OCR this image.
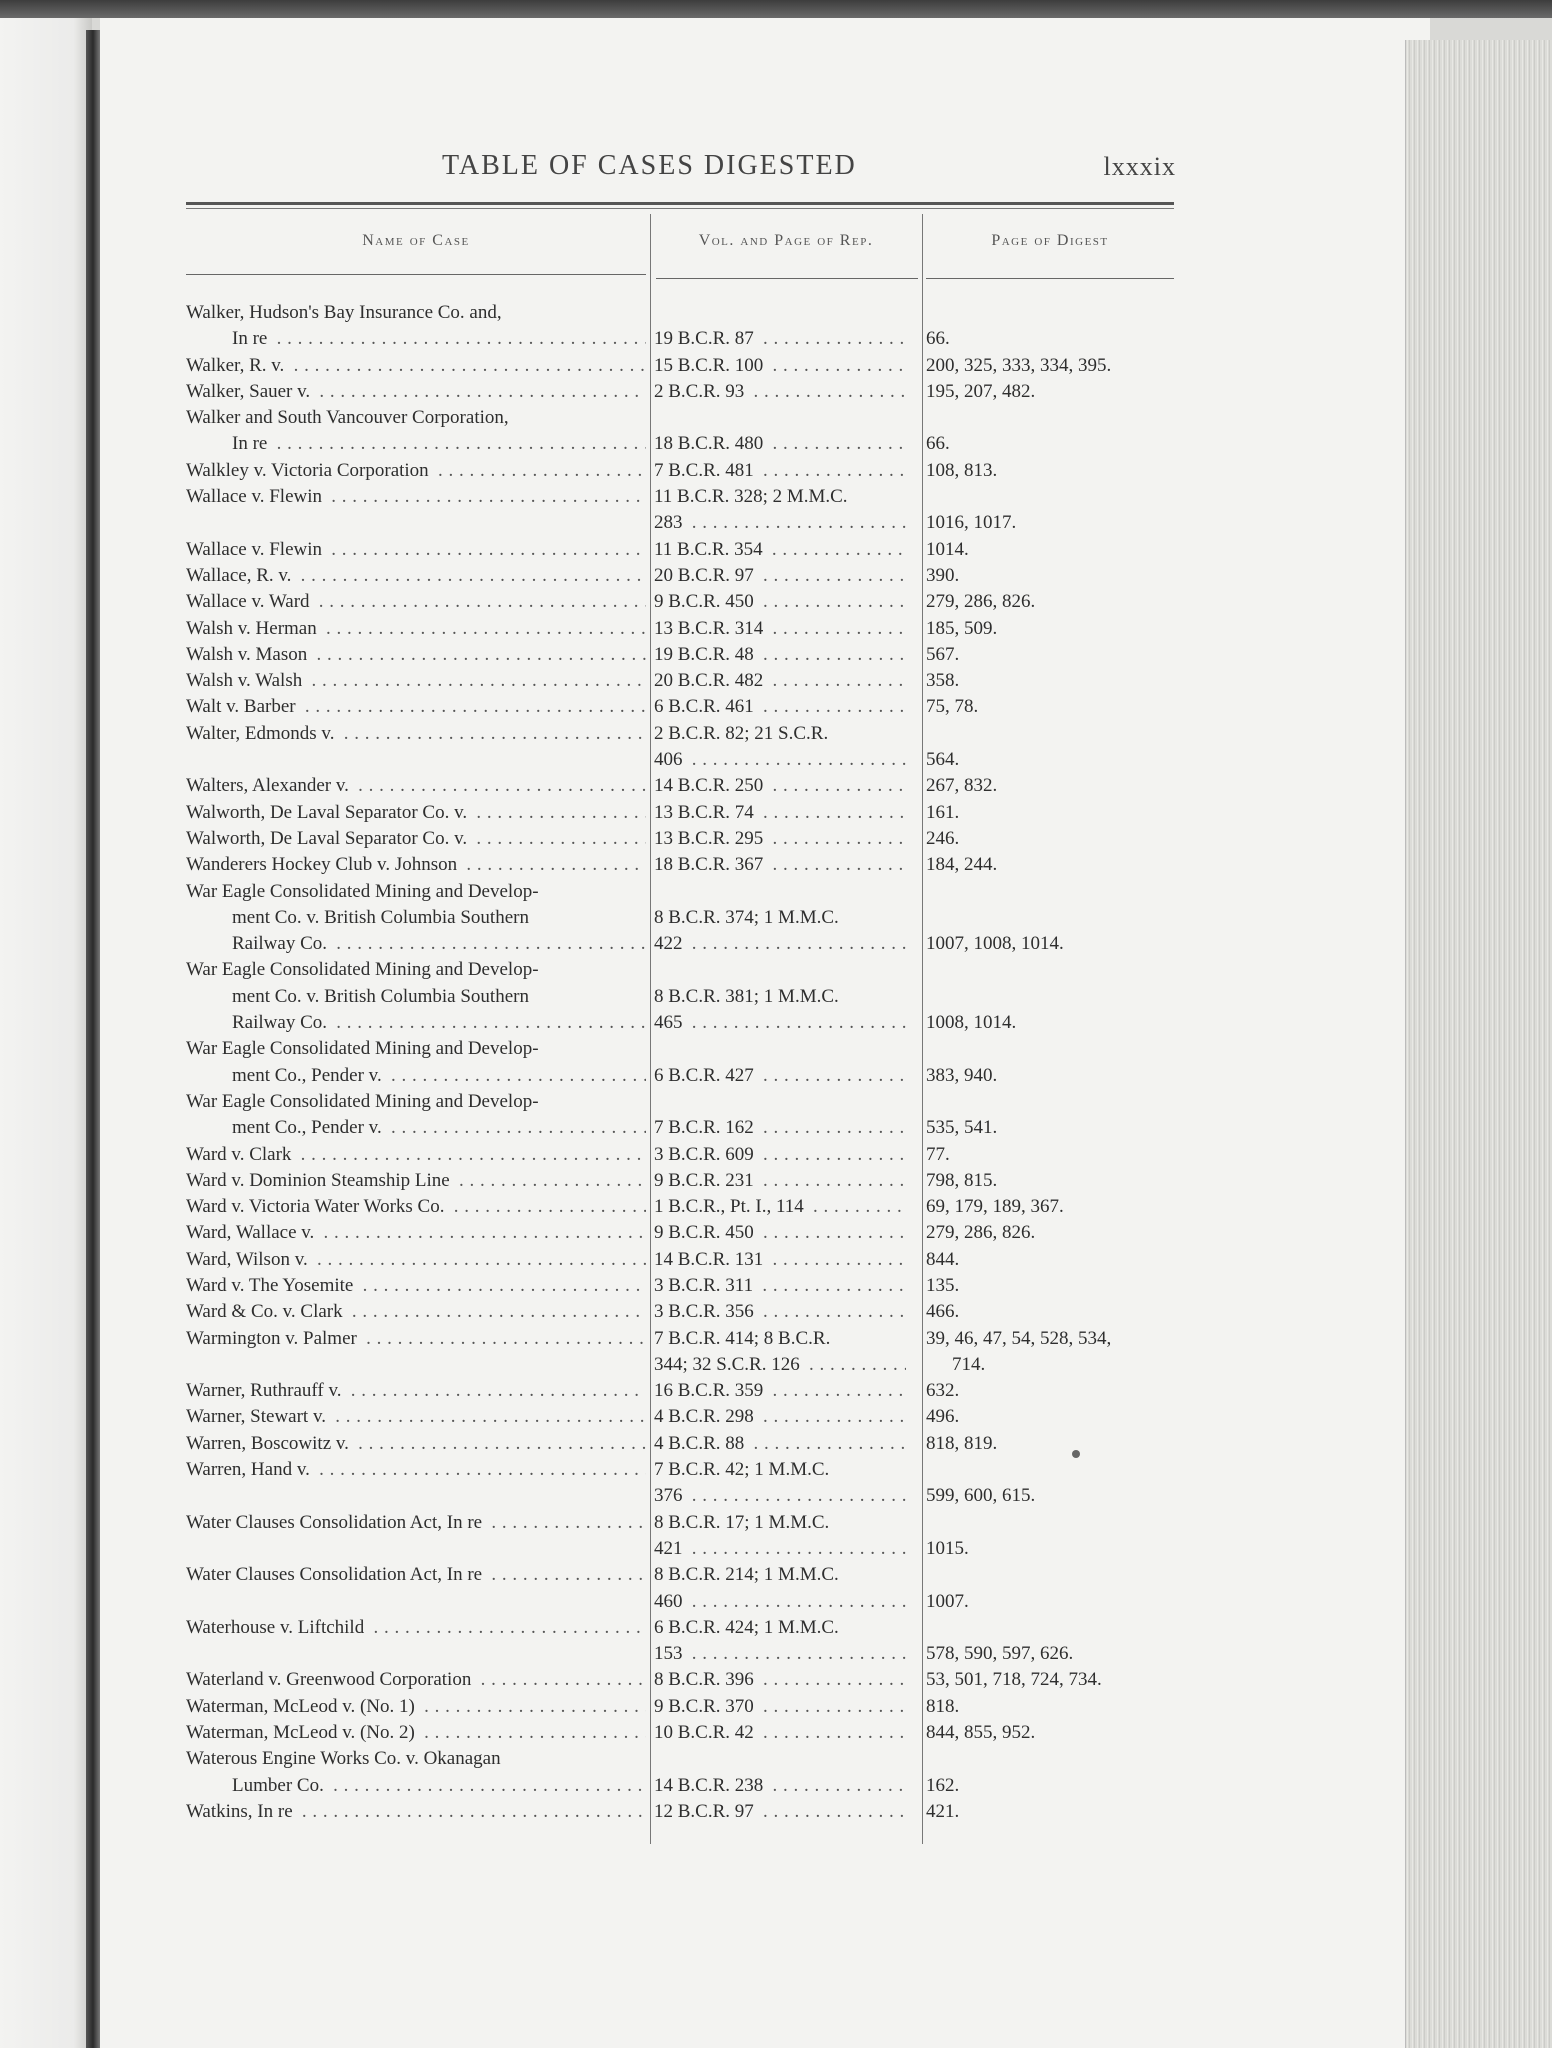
TABLE OF CASES DIGESTED	lxxxix
Name of Case	Vol. and Page of Rep.	Page of Digest
Walker, Hudson's Bay Insurance Co. and,
In re . . .	19 B.C.R. 87 . . .	66.
Walker, R. v. . . .	15 B.C.R. 100 . . .	200, 325, 333, 334, 395.
Walker, Sauer v. . . .	2 B.C.R. 93 . . .	195, 207, 482.
Walker and South Vancouver Corporation,
In re . . .	18 B.C.R. 480 . . .	66.
Walkley v. Victoria Corporation . . .	7 B.C.R. 481 . . .	108, 813.
Wallace v. Flewin . . .	11 B.C.R. 328; 2 M.M.C.
283 . . .	1016, 1017.
Wallace v. Flewin . . .	11 B.C.R. 354 . . .	1014.
Wallace, R. v. . . .	20 B.C.R. 97 . . .	390.
Wallace v. Ward . . .	9 B.C.R. 450 . . .	279, 286, 826.
Walsh v. Herman . . .	13 B.C.R. 314 . . .	185, 509.
Walsh v. Mason . . .	19 B.C.R. 48 . . .	567.
Walsh v. Walsh . . .	20 B.C.R. 482 . . .	358.
Walt v. Barber . . .	6 B.C.R. 461 . . .	75, 78.
Walter, Edmonds v. . . .	2 B.C.R. 82; 21 S.C.R.
406 . . .	564.
Walters, Alexander v. . . .	14 B.C.R. 250 . . .	267, 832.
Walworth, De Laval Separator Co. v. . . .	13 B.C.R. 74 . . .	161.
Walworth, De Laval Separator Co. v. . . .	13 B.C.R. 295 . . .	246.
Wanderers Hockey Club v. Johnson . . .	18 B.C.R. 367 . . .	184, 244.
War Eagle Consolidated Mining and Develop-
ment Co. v. British Columbia Southern	8 B.C.R. 374; 1 M.M.C.
Railway Co. . . .	422 . . .	1007, 1008, 1014.
War Eagle Consolidated Mining and Develop-
ment Co. v. British Columbia Southern	8 B.C.R. 381; 1 M.M.C.
Railway Co. . . .	465 . . .	1008, 1014.
War Eagle Consolidated Mining and Develop-
ment Co., Pender v. . . .	6 B.C.R. 427 . . .	383, 940.
War Eagle Consolidated Mining and Develop-
ment Co., Pender v. . . .	7 B.C.R. 162 . . .	535, 541.
Ward v. Clark . . .	3 B.C.R. 609 . . .	77.
Ward v. Dominion Steamship Line . . .	9 B.C.R. 231 . . .	798, 815.
Ward v. Victoria Water Works Co. . . .	1 B.C.R., Pt. I., 114 . . .	69, 179, 189, 367.
Ward, Wallace v. . . .	9 B.C.R. 450 . . .	279, 286, 826.
Ward, Wilson v. . . .	14 B.C.R. 131 . . .	844.
Ward v. The Yosemite . . .	3 B.C.R. 311 . . .	135.
Ward & Co. v. Clark . . .	3 B.C.R. 356 . . .	466.
Warmington v. Palmer . . .	7 B.C.R. 414; 8 B.C.R.	39, 46, 47, 54, 528, 534,
344; 32 S.C.R. 126 . . .	714.
Warner, Ruthrauff v. . . .	16 B.C.R. 359 . . .	632.
Warner, Stewart v. . . .	4 B.C.R. 298 . . .	496.
Warren, Boscowitz v. . . .	4 B.C.R. 88 . . .	818, 819.
Warren, Hand v. . . .	7 B.C.R. 42; 1 M.M.C.
376 . . .	599, 600, 615.
Water Clauses Consolidation Act, In re . . .	8 B.C.R. 17; 1 M.M.C.
421 . . .	1015.
Water Clauses Consolidation Act, In re . . .	8 B.C.R. 214; 1 M.M.C.
460 . . .	1007.
Waterhouse v. Liftchild . . .	6 B.C.R. 424; 1 M.M.C.
153 . . .	578, 590, 597, 626.
Waterland v. Greenwood Corporation . . .	8 B.C.R. 396 . . .	53, 501, 718, 724, 734.
Waterman, McLeod v. (No. 1) . . .	9 B.C.R. 370 . . .	818.
Waterman, McLeod v. (No. 2) . . .	10 B.C.R. 42 . . .	844, 855, 952.
Waterous Engine Works Co. v. Okanagan
Lumber Co. . . .	14 B.C.R. 238 . . .	162.
Watkins, In re . . .	12 B.C.R. 97 . . .	421.
